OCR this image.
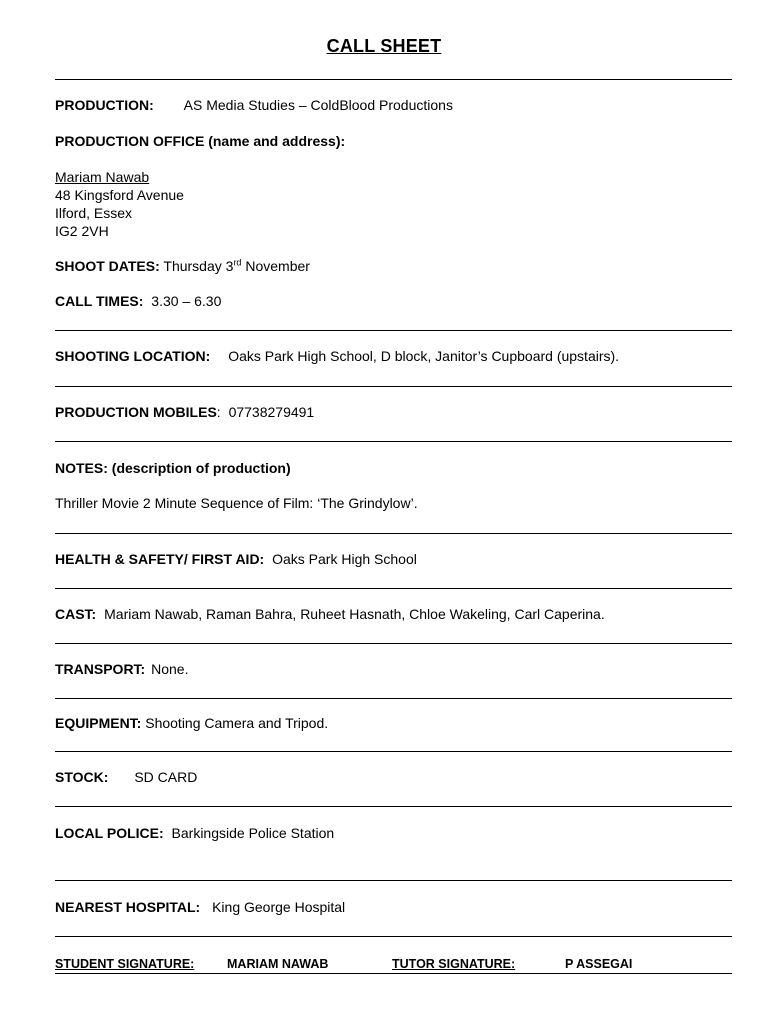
CALL SHEET
PRODUCTION: AS Media Studies – ColdBlood Productions
PRODUCTION OFFICE (name and address):
Mariam Nawab
48 Kingsford Avenue
Ilford, Essex
IG2 2VH
SHOOT DATES: Thursday 3rd November
CALL TIMES: 3.30 – 6.30
SHOOTING LOCATION: Oaks Park High School, D block, Janitor’s Cupboard (upstairs).
PRODUCTION MOBILES: 07738279491
NOTES: (description of production)
Thriller Movie 2 Minute Sequence of Film: ‘The Grindylow’.
HEALTH & SAFETY/ FIRST AID: Oaks Park High School
CAST: Mariam Nawab, Raman Bahra, Ruheet Hasnath, Chloe Wakeling, Carl Caperina.
TRANSPORT: None.
EQUIPMENT: Shooting Camera and Tripod.
STOCK: SD CARD
LOCAL POLICE: Barkingside Police Station
NEAREST HOSPITAL: King George Hospital
STUDENT SIGNATURE:	MARIAM NAWAB	TUTOR SIGNATURE:	P ASSEGAI
